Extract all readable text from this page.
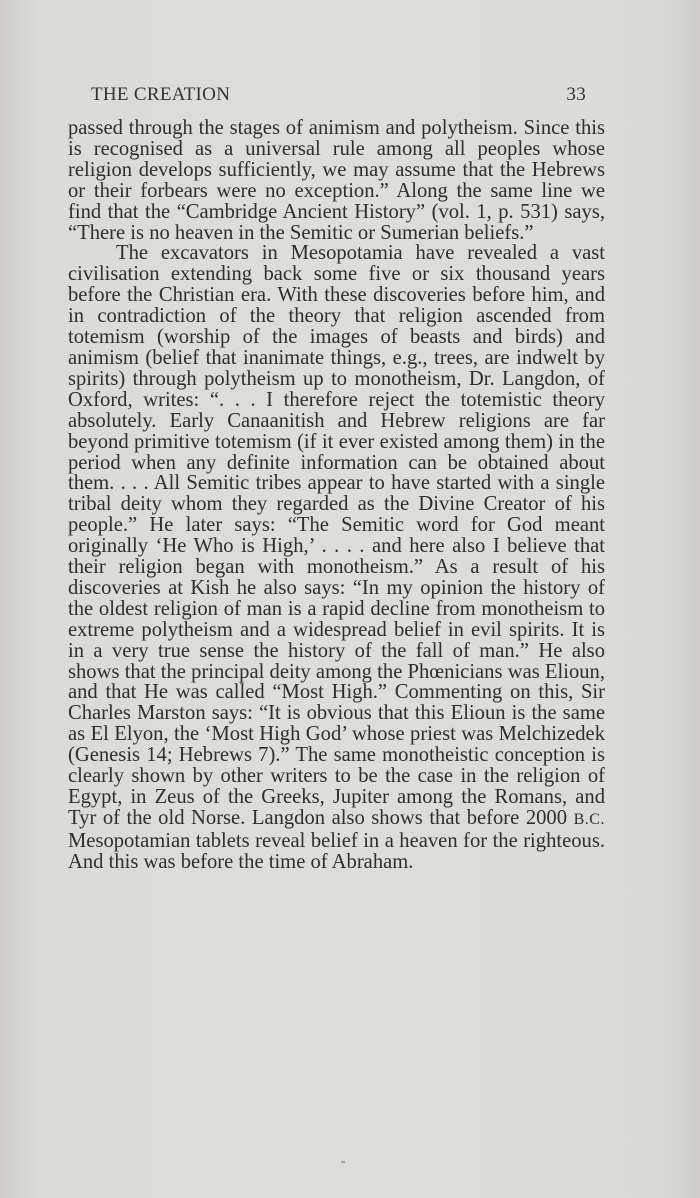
THE CREATION	33

passed through the stages of animism and polytheism. Since this is recognised as a universal rule among all peoples whose religion develops sufficiently, we may assume that the Hebrews or their forbears were no exception.” Along the same line we find that the “Cambridge Ancient History” (vol. 1, p. 531) says, “There is no heaven in the Semitic or Sumerian beliefs.”

The excavators in Mesopotamia have revealed a vast civilisation extending back some five or six thousand years before the Christian era. With these discoveries before him, and in contradiction of the theory that religion ascended from totemism (worship of the images of beasts and birds) and animism (belief that inanimate things, e.g., trees, are indwelt by spirits) through polytheism up to monotheism, Dr. Langdon, of Oxford, writes: “. . . I therefore reject the totemistic theory absolutely. Early Canaanitish and Hebrew religions are far beyond primitive totemism (if it ever existed among them) in the period when any definite information can be obtained about them. . . . All Semitic tribes appear to have started with a single tribal deity whom they regarded as the Divine Creator of his people.” He later says: “The Semitic word for God meant originally ‘He Who is High,’ . . . . and here also I believe that their religion began with monotheism.” As a result of his discoveries at Kish he also says: “In my opinion the history of the oldest religion of man is a rapid decline from monotheism to extreme polytheism and a widespread belief in evil spirits. It is in a very true sense the history of the fall of man.” He also shows that the principal deity among the Phœnicians was Elioun, and that He was called “Most High.” Commenting on this, Sir Charles Marston says: “It is obvious that this Elioun is the same as El Elyon, the ‘Most High God’ whose priest was Melchizedek (Genesis 14; Hebrews 7).” The same monotheistic conception is clearly shown by other writers to be the case in the religion of Egypt, in Zeus of the Greeks, Jupiter among the Romans, and Tyr of the old Norse. Langdon also shows that before 2000 B.C. Mesopotamian tablets reveal belief in a heaven for the righteous. And this was before the time of Abraham.

"
